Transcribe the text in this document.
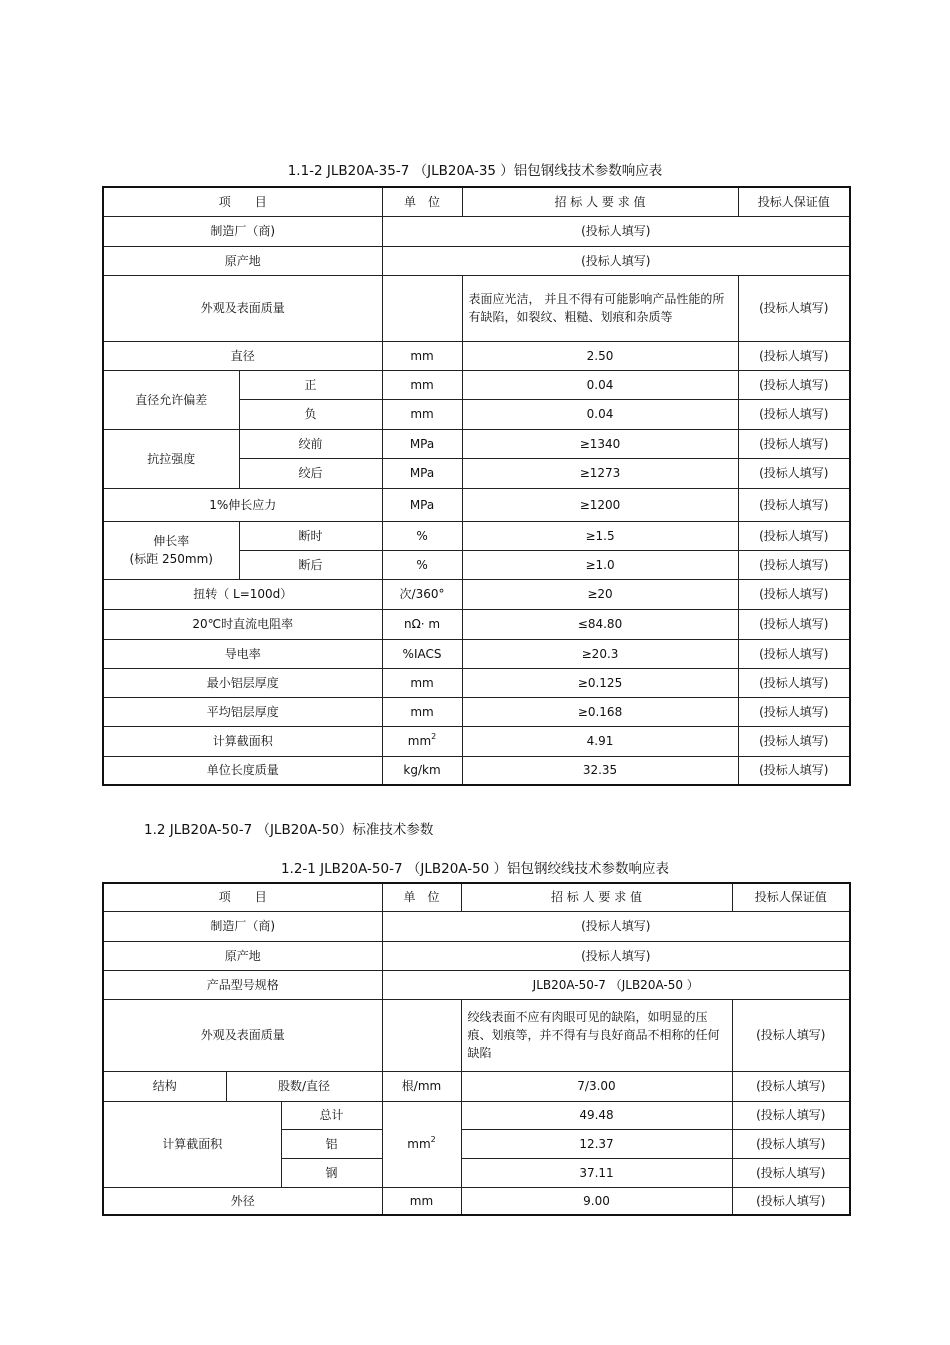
1.1-2 JLB20A-35-7 （JLB20A-35 ）铝包钢线技术参数响应表
项　　目		单　位	招 标 人 要 求 值	投标人保证值
制造厂（商)		(投标人填写)		
原产地		(投标人填写)		
外观及表面质量			表面应光洁， 并且不得有可能影响产品性能的所有缺陷，如裂纹、粗糙、划痕和杂质等	(投标人填写)
直径		mm	2.50	(投标人填写)
直径允许偏差	正	mm	0.04	(投标人填写)
	负	mm	0.04	(投标人填写)
抗拉强度	绞前	MPa	≥1340	(投标人填写)
	绞后	MPa	≥1273	(投标人填写)
1%伸长应力		MPa	≥1200	(投标人填写)

伸长率
(标距 250mm)	断时	%	≥1.5	(投标人填写)
	断后	%	≥1.0	(投标人填写)
扭转（ L=100d）		次/360°	≥20	(投标人填写)
20℃时直流电阻率		nΩ· m	≤84.80	(投标人填写)
导电率		%IACS	≥20.3	(投标人填写)
最小铝层厚度		mm	≥0.125	(投标人填写)
平均铝层厚度		mm	≥0.168	(投标人填写)
计算截面积		$mm^2$	4.91	(投标人填写)
单位长度质量		kg/km	32.35	(投标人填写)
1.2 JLB20A-50-7 （JLB20A-50）标准技术参数
1.2-1 JLB20A-50-7 （JLB20A-50 ）铝包钢绞线技术参数响应表
项　　目			单　位	招 标 人 要 求 值	投标人保证值
制造厂（商)			(投标人填写)		
原产地			(投标人填写)		
产品型号规格			JLB20A-50-7 （JLB20A-50 ）		
外观及表面质量				绞线表面不应有肉眼可见的缺陷，如明显的压痕、划痕等，并不得有与良好商品不相称的任何缺陷	(投标人填写)
结构	股数/直径		根/mm	7/3.00	(投标人填写)
计算截面积		总计	$mm^2$	49.48	(投标人填写)
		铝		12.37	(投标人填写)
		钢		37.11	(投标人填写)
外径			mm	9.00	(投标人填写)
